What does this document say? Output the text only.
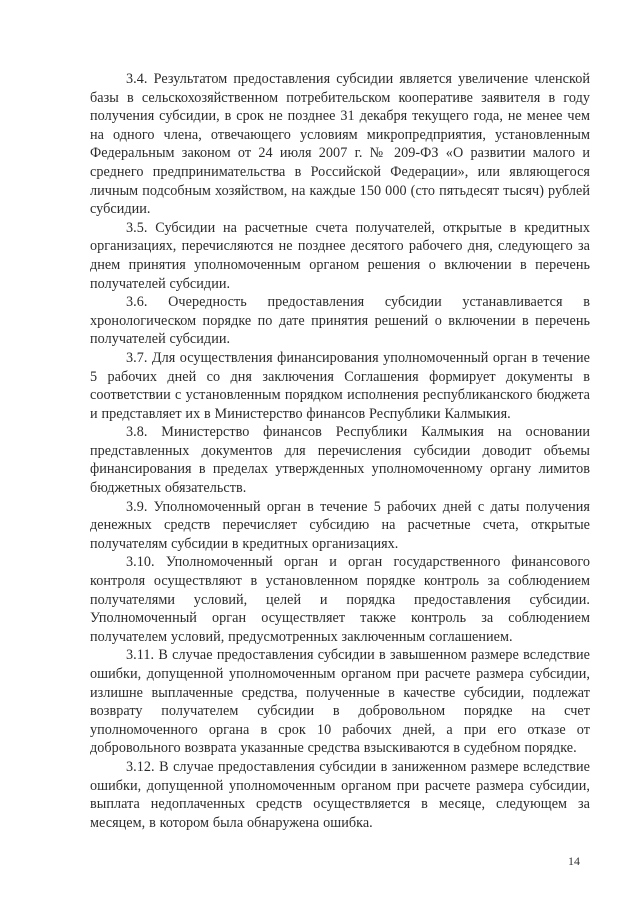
3.4. Результатом предоставления субсидии является увеличение членской базы в сельскохозяйственном потребительском кооперативе заявителя в году получения субсидии, в срок не позднее 31 декабря текущего года, не менее чем на одного члена, отвечающего условиям микропредприятия, установленным Федеральным законом от 24 июля 2007 г. № 209-ФЗ «О развитии малого и среднего предпринимательства в Российской Федерации», или являющегося личным подсобным хозяйством, на каждые 150 000 (сто пятьдесят тысяч) рублей субсидии.

3.5. Субсидии на расчетные счета получателей, открытые в кредитных организациях, перечисляются не позднее десятого рабочего дня, следующего за днем принятия уполномоченным органом решения о включении в перечень получателей субсидии.

3.6. Очередность предоставления субсидии устанавливается в хронологическом порядке по дате принятия решений о включении в перечень получателей субсидии.

3.7. Для осуществления финансирования уполномоченный орган в течение 5 рабочих дней со дня заключения Соглашения формирует документы в соответствии с установленным порядком исполнения республиканского бюджета и представляет их в Министерство финансов Республики Калмыкия.

3.8. Министерство финансов Республики Калмыкия на основании представленных документов для перечисления субсидии доводит объемы финансирования в пределах утвержденных уполномоченному органу лимитов бюджетных обязательств.

3.9. Уполномоченный орган в течение 5 рабочих дней с даты получения денежных средств перечисляет субсидию на расчетные счета, открытые получателям субсидии в кредитных организациях.

3.10. Уполномоченный орган и орган государственного финансового контроля осуществляют в установленном порядке контроль за соблюдением получателями условий, целей и порядка предоставления субсидии. Уполномоченный орган осуществляет также контроль за соблюдением получателем условий, предусмотренных заключенным соглашением.

3.11. В случае предоставления субсидии в завышенном размере вследствие ошибки, допущенной уполномоченным органом при расчете размера субсидии, излишне выплаченные средства, полученные в качестве субсидии, подлежат возврату получателем субсидии в добровольном порядке на счет уполномоченного органа в срок 10 рабочих дней, а при его отказе от добровольного возврата указанные средства взыскиваются в судебном порядке.

3.12. В случае предоставления субсидии в заниженном размере вследствие ошибки, допущенной уполномоченным органом при расчете размера субсидии, выплата недоплаченных средств осуществляется в месяце, следующем за месяцем, в котором была обнаружена ошибка.

14
